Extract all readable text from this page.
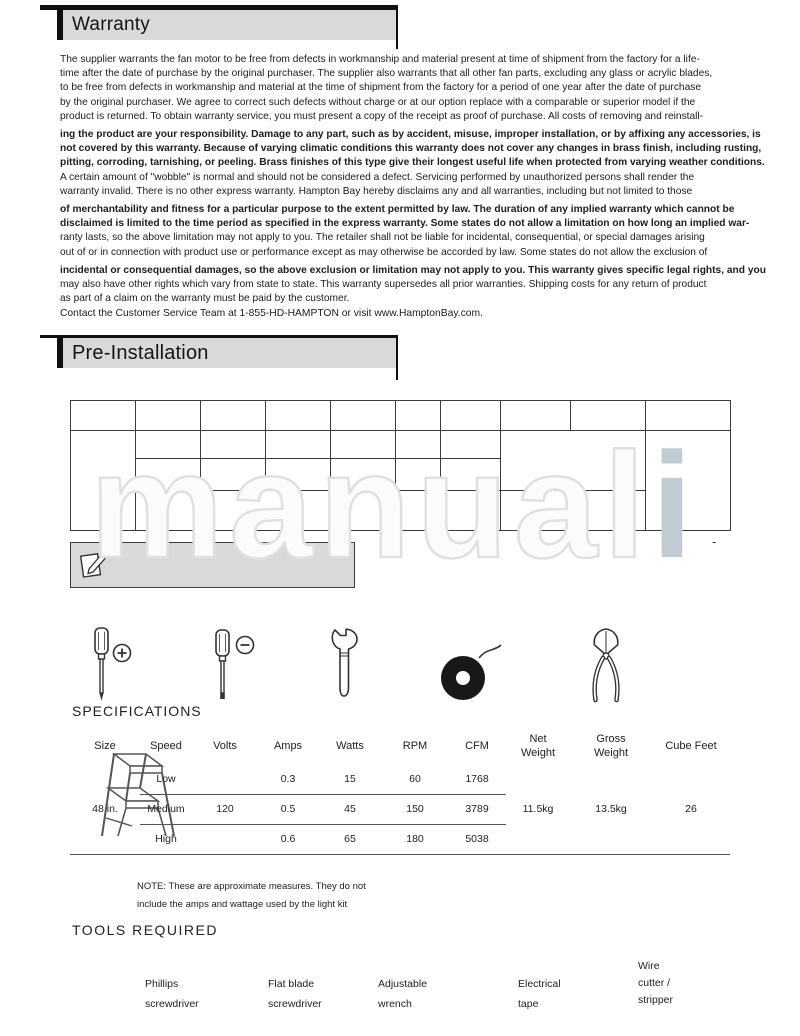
Warranty
The supplier warrants the fan motor to be free from defects in workmanship and material present at time of shipment from the factory for a life-
time after the date of purchase by the original purchaser. The supplier also warrants that all other fan parts, excluding any glass or acrylic blades,
to be free from defects in workmanship and material at the time of shipment from the factory for a period of one year after the date of purchase
by the original purchaser. We agree to correct such defects without charge or at our option replace with a comparable or superior model if the
product is returned. To obtain warranty service, you must present a copy of the receipt as proof of purchase. All costs of removing and reinstall-
ing the product are your responsibility. Damage to any part, such as by accident, misuse, improper installation, or by affixing any accessories, is
not covered by this warranty. Because of varying climatic conditions this warranty does not cover any changes in brass finish, including rusting,
pitting, corroding, tarnishing, or peeling. Brass finishes of this type give their longest useful life when protected from varying weather conditions.
A certain amount of "wobble" is normal and should not be considered a defect. Servicing performed by unauthorized persons shall render the
warranty invalid. There is no other express warranty. Hampton Bay hereby disclaims any and all warranties, including but not limited to those
of merchantability and fitness for a particular purpose to the extent permitted by law. The duration of any implied warranty which cannot be
disclaimed is limited to the time period as specified in the express warranty. Some states do not allow a limitation on how long an implied war-
ranty lasts, so the above limitation may not apply to you. The retailer shall not be liable for incidental, consequential, or special damages arising
out of or in connection with product use or performance except as may otherwise be accorded by law. Some states do not allow the exclusion of
incidental or consequential damages, so the above exclusion or limitation may not apply to you. This warranty gives specific legal rights, and you
may also have other rights which vary from state to state. This warranty supersedes all prior warranties. Shipping costs for any return of product
as part of a claim on the warranty must be paid by the customer.
Contact the Customer Service Team at 1-855-HD-HAMPTON or visit www.HamptonBay.com.
Pre-Installation

-
manuali
SPECIFICATIONS
Size	Speed	Volts	Amps	Watts	RPM	CFM	Net Weight	Gross Weight	Cube Feet
	Low		0.3	15	60	1768			
48 in.	Medium	120	0.5	45	150	3789	11.5kg	13.5kg	26
	High		0.6	65	180	5038			
NOTE: These are approximate measures. They do not
include the amps and wattage used by the light kit
TOOLS REQUIRED
Phillips
screwdriver
Flat blade
screwdriver
Adjustable
wrench
Electrical
tape
Wire
cutter /
stripper
